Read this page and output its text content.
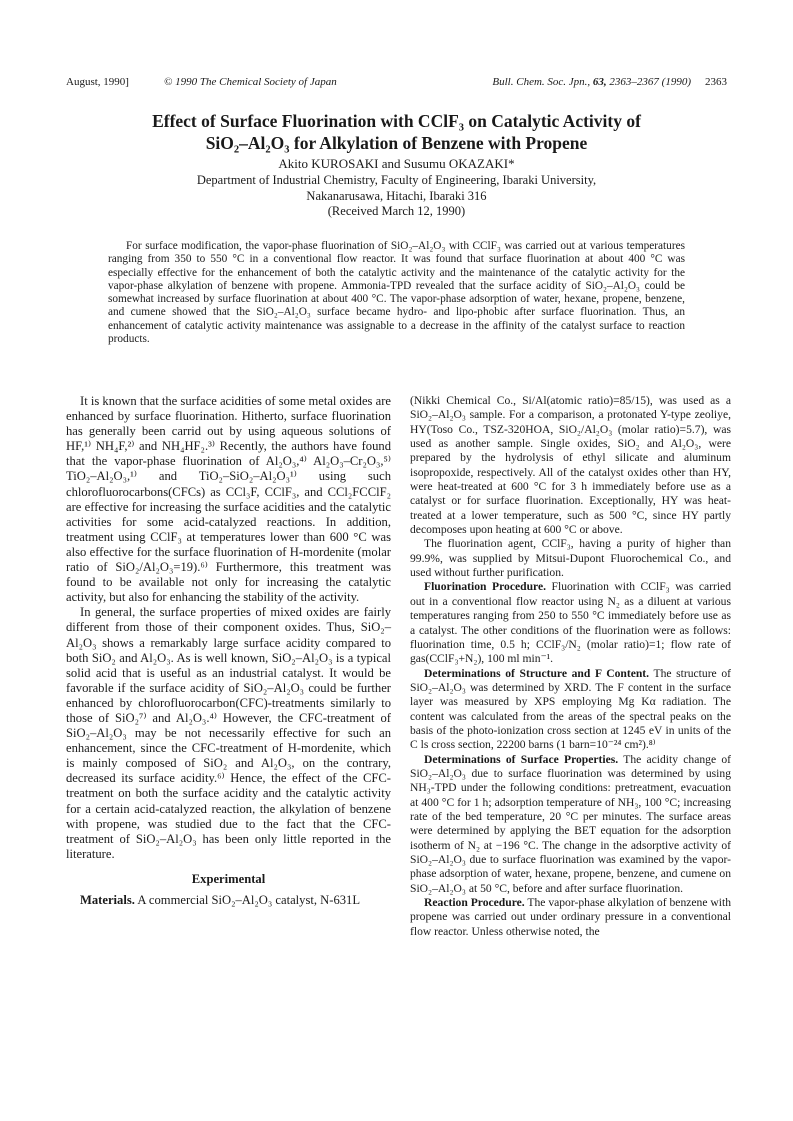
August, 1990]	© 1990 The Chemical Society of Japan	Bull. Chem. Soc. Jpn., 63, 2363–2367 (1990) 2363
Effect of Surface Fluorination with CClF₃ on Catalytic Activity of
SiO₂–Al₂O₃ for Alkylation of Benzene with Propene
Akito KUROSAKI and Susumu OKAZAKI*
Department of Industrial Chemistry, Faculty of Engineering, Ibaraki University,
Nakanarusawa, Hitachi, Ibaraki 316
(Received March 12, 1990)
For surface modification, the vapor-phase fluorination of SiO₂–Al₂O₃ with CClF₃ was carried out at various temperatures ranging from 350 to 550 °C in a conventional flow reactor. It was found that surface fluorination at about 400 °C was especially effective for the enhancement of both the catalytic activity and the maintenance of the catalytic activity for the vapor-phase alkylation of benzene with propene. Ammonia-TPD revealed that the surface acidity of SiO₂–Al₂O₃ could be somewhat increased by surface fluorination at about 400 °C. The vapor-phase adsorption of water, hexane, propene, benzene, and cumene showed that the SiO₂–Al₂O₃ surface became hydro- and lipo-phobic after surface fluorination. Thus, an enhancement of catalytic activity maintenance was assignable to a decrease in the affinity of the catalyst surface to reaction products.

It is known that the surface acidities of some metal oxides are enhanced by surface fluorination. Hitherto, surface fluorination has generally been carrid out by using aqueous solutions of HF,¹⁾ NH₄F,²⁾ and NH₄HF₂.³⁾ Recently, the authors have found that the vapor-phase fluorination of Al₂O₃,⁴⁾ Al₂O₃–Cr₂O₃,⁵⁾ TiO₂–Al₂O₃,¹⁾ and TiO₂–SiO₂–Al₂O₃¹⁾ using such chlorofluorocarbons(CFCs) as CCl₃F, CClF₃, and CCl₂FCClF₂ are effective for increasing the surface acidities and the catalytic activities for some acid-catalyzed reactions. In addition, treatment using CClF₃ at temperatures lower than 600 °C was also effective for the surface fluorination of H-mordenite (molar ratio of SiO₂/Al₂O₃=19).⁶⁾ Furthermore, this treatment was found to be available not only for increasing the catalytic activity, but also for enhancing the stability of the activity.

In general, the surface properties of mixed oxides are fairly different from those of their component oxides. Thus, SiO₂–Al₂O₃ shows a remarkably large surface acidity compared to both SiO₂ and Al₂O₃. As is well known, SiO₂–Al₂O₃ is a typical solid acid that is useful as an industrial catalyst. It would be favorable if the surface acidity of SiO₂–Al₂O₃ could be further enhanced by chlorofluorocarbon(CFC)-treatments similarly to those of SiO₂⁷⁾ and Al₂O₃.⁴⁾ However, the CFC-treatment of SiO₂–Al₂O₃ may be not necessarily effective for such an enhancement, since the CFC-treatment of H-mordenite, which is mainly composed of SiO₂ and Al₂O₃, on the contrary, decreased its surface acidity.⁶⁾ Hence, the effect of the CFC-treatment on both the surface acidity and the catalytic activity for a certain acid-catalyzed reaction, the alkylation of benzene with propene, was studied due to the fact that the CFC-treatment of SiO₂–Al₂O₃ has been only little reported in the literature.

Experimental

Materials. A commercial SiO₂–Al₂O₃ catalyst, N-631L

(Nikki Chemical Co., Si/Al(atomic ratio)=85/15), was used as a SiO₂–Al₂O₃ sample. For a comparison, a protonated Y-type zeoliye, HY(Toso Co., TSZ-320HOA, SiO₂/Al₂O₃ (molar ratio)=5.7), was used as another sample. Single oxides, SiO₂ and Al₂O₃, were prepared by the hydrolysis of ethyl silicate and aluminum isopropoxide, respectively. All of the catalyst oxides other than HY, were heat-treated at 600 °C for 3 h immediately before use as a catalyst or for surface fluorination. Exceptionally, HY was heat-treated at a lower temperature, such as 500 °C, since HY partly decomposes upon heating at 600 °C or above.

The fluorination agent, CClF₃, having a purity of higher than 99.9%, was supplied by Mitsui-Dupont Fluorochemical Co., and used without further purification.

Fluorination Procedure. Fluorination with CClF₃ was carried out in a conventional flow reactor using N₂ as a diluent at various temperatures ranging from 250 to 550 °C immediately before use as a catalyst. The other conditions of the fluorination were as follows: fluorination time, 0.5 h; CClF₃/N₂ (molar ratio)=1; flow rate of gas(CClF₃+N₂), 100 ml min⁻¹.

Determinations of Structure and F Content. The structure of SiO₂–Al₂O₃ was determined by XRD. The F content in the surface layer was measured by XPS employing Mg Kα radiation. The content was calculated from the areas of the spectral peaks on the basis of the photo-ionization cross section at 1245 eV in units of the C ls cross section, 22200 barns (1 barn=10⁻²⁴ cm²).⁸⁾

Determinations of Surface Properties. The acidity change of SiO₂–Al₂O₃ due to surface fluorination was determined by using NH₃-TPD under the following conditions: pretreatment, evacuation at 400 °C for 1 h; adsorption temperature of NH₃, 100 °C; increasing rate of the bed temperature, 20 °C per minutes. The surface areas were determined by applying the BET equation for the adsorption isotherm of N₂ at −196 °C. The change in the adsorptive activity of SiO₂–Al₂O₃ due to surface fluorination was examined by the vapor-phase adsorption of water, hexane, propene, benzene, and cumene on SiO₂–Al₂O₃ at 50 °C, before and after surface fluorination.

Reaction Procedure. The vapor-phase alkylation of benzene with propene was carried out under ordinary pressure in a conventional flow reactor. Unless otherwise noted, the
